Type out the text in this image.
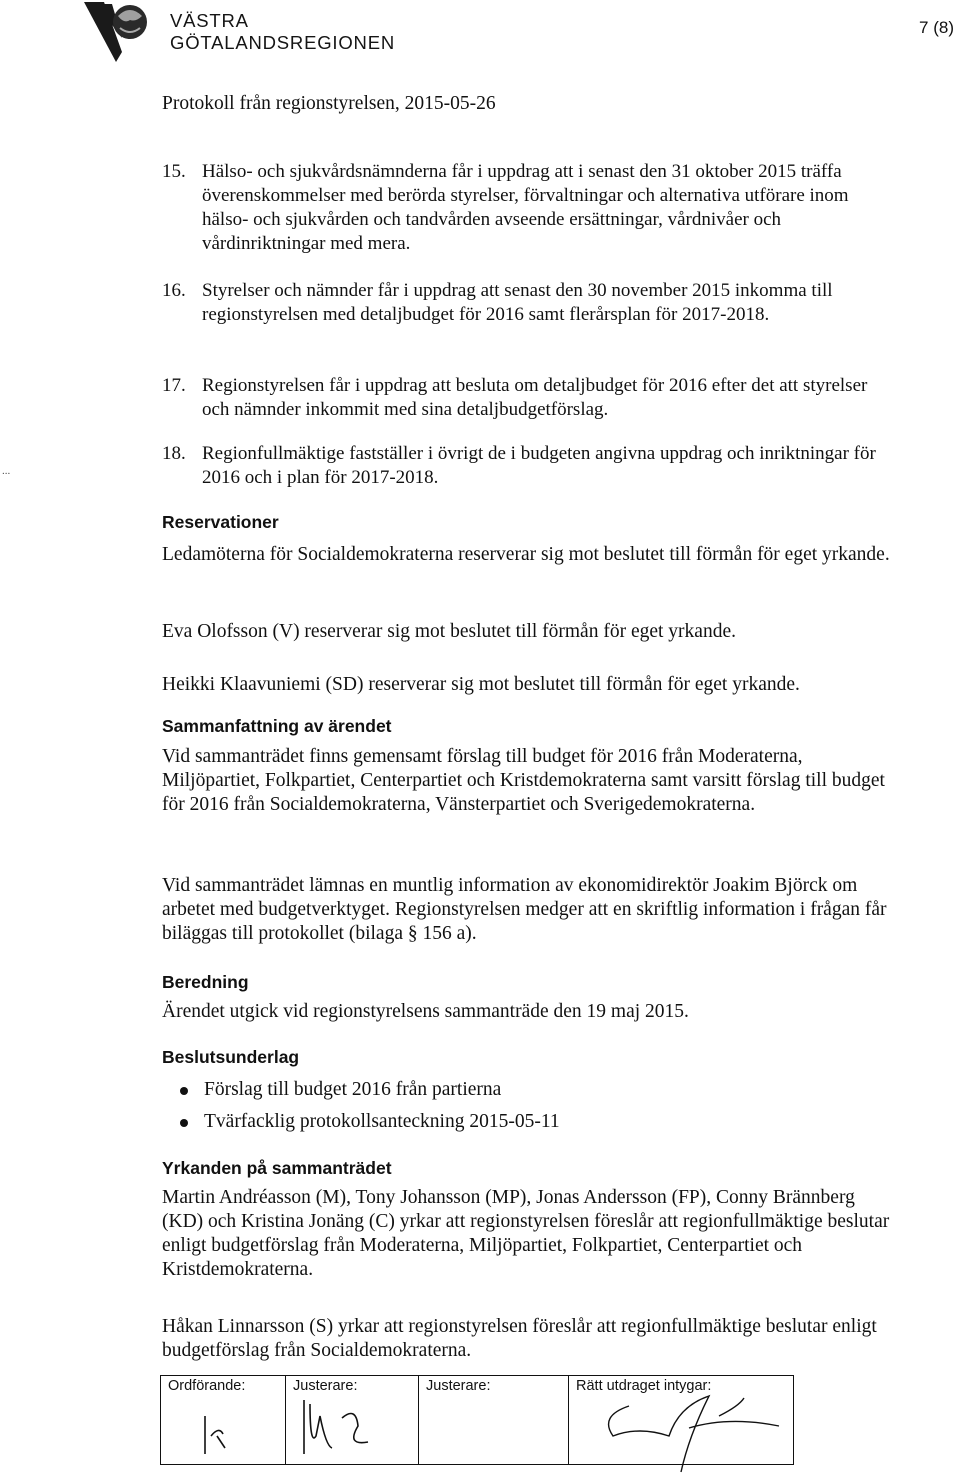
VÄSTRA
GÖTALANDSREGIONEN
7 (8)
Protokoll från regionstyrelsen, 2015-05-26
...

15. Hälso- och sjukvårdsnämnderna får i uppdrag att i senast den 31 oktober 2015 träffa överenskommelser med berörda styrelser, förvaltningar och alternativa utförare inom hälso- och sjukvården och tandvården avseende ersättningar, vårdnivåer och vårdinriktningar med mera.

16. Styrelser och nämnder får i uppdrag att senast den 30 november 2015 inkomma till regionstyrelsen med detaljbudget för 2016 samt flerårsplan för 2017-2018.

17. Regionstyrelsen får i uppdrag att besluta om detaljbudget för 2016 efter det att styrelser och nämnder inkommit med sina detaljbudgetförslag.

18. Regionfullmäktige fastställer i övrigt de i budgeten angivna uppdrag och inriktningar för 2016 och i plan för 2017-2018.

Reservationer

Ledamöterna för Socialdemokraterna reserverar sig mot beslutet till förmån för eget yrkande.

Eva Olofsson (V) reserverar sig mot beslutet till förmån för eget yrkande.

Heikki Klaavuniemi (SD) reserverar sig mot beslutet till förmån för eget yrkande.

Sammanfattning av ärendet

Vid sammanträdet finns gemensamt förslag till budget för 2016 från Moderaterna, Miljöpartiet, Folkpartiet, Centerpartiet och Kristdemokraterna samt varsitt förslag till budget för 2016 från Socialdemokraterna, Vänsterpartiet och Sverigedemokraterna.

Vid sammanträdet lämnas en muntlig information av ekonomidirektör Joakim Björck om arbetet med budgetverktyget. Regionstyrelsen medger att en skriftlig information i frågan får biläggas till protokollet (bilaga § 156 a).

Beredning

Ärendet utgick vid regionstyrelsens sammanträde den 19 maj 2015.

Beslutsunderlag
Förslag till budget 2016 från partierna
Tvärfacklig protokollsanteckning 2015-05-11
Yrkanden på sammanträdet

Martin Andréasson (M), Tony Johansson (MP), Jonas Andersson (FP), Conny Brännberg (KD) och Kristina Jonäng (C) yrkar att regionstyrelsen föreslår att regionfullmäktige beslutar enligt budgetförslag från Moderaterna, Miljöpartiet, Folkpartiet, Centerpartiet och Kristdemokraterna.

Håkan Linnarsson (S) yrkar att regionstyrelsen föreslår att regionfullmäktige beslutar enligt budgetförslag från Socialdemokraterna.

Ordförande:	Justerare:	Justerare:	Rätt utdraget intygar:
